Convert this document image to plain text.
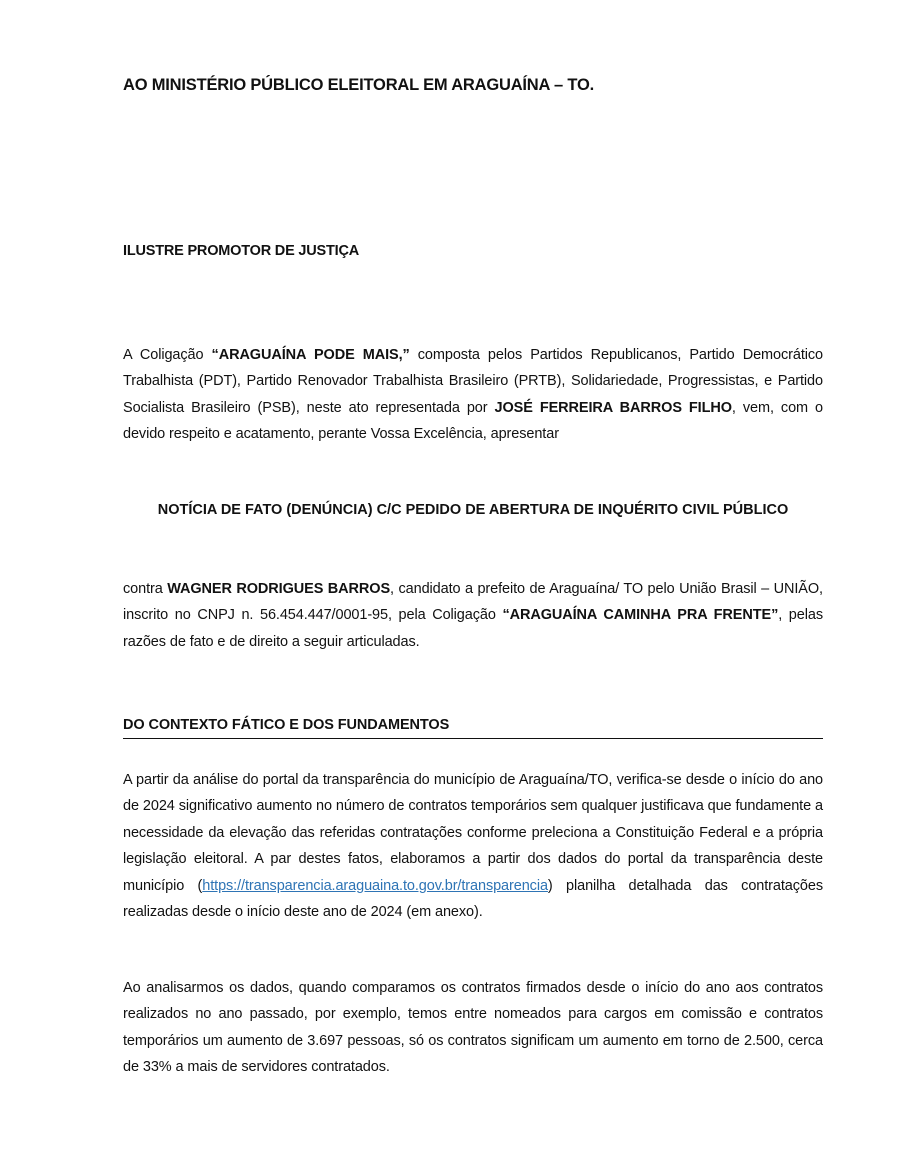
AO MINISTÉRIO PÚBLICO ELEITORAL EM ARAGUAÍNA – TO.
ILUSTRE PROMOTOR DE JUSTIÇA

A Coligação “ARAGUAÍNA PODE MAIS,” composta pelos Partidos Republicanos, Partido Democrático Trabalhista (PDT), Partido Renovador Trabalhista Brasileiro (PRTB), Solidariedade, Progressistas, e Partido Socialista Brasileiro (PSB), neste ato representada por JOSÉ FERREIRA BARROS FILHO, vem, com o devido respeito e acatamento, perante Vossa Excelência, apresentar

NOTÍCIA DE FATO (DENÚNCIA) C/C PEDIDO DE ABERTURA DE INQUÉRITO CIVIL PÚBLICO

contra WAGNER RODRIGUES BARROS, candidato a prefeito de Araguaína/ TO pelo União Brasil – UNIÃO, inscrito no CNPJ n. 56.454.447/0001-95, pela Coligação “ARAGUAÍNA CAMINHA PRA FRENTE”, pelas razões de fato e de direito a seguir articuladas.

DO CONTEXTO FÁTICO E DOS FUNDAMENTOS

A partir da análise do portal da transparência do município de Araguaína/TO, verifica-se desde o início do ano de 2024 significativo aumento no número de contratos temporários sem qualquer justificava que fundamente a necessidade da elevação das referidas contratações conforme preleciona a Constituição Federal e a própria legislação eleitoral. A par destes fatos, elaboramos a partir dos dados do portal da transparência deste município (https://transparencia.araguaina.to.gov.br/transparencia) planilha detalhada das contratações realizadas desde o início deste ano de 2024 (em anexo).

Ao analisarmos os dados, quando comparamos os contratos firmados desde o início do ano aos contratos realizados no ano passado, por exemplo, temos entre nomeados para cargos em comissão e contratos temporários um aumento de 3.697 pessoas, só os contratos significam um aumento em torno de 2.500, cerca de 33% a mais de servidores contratados.
